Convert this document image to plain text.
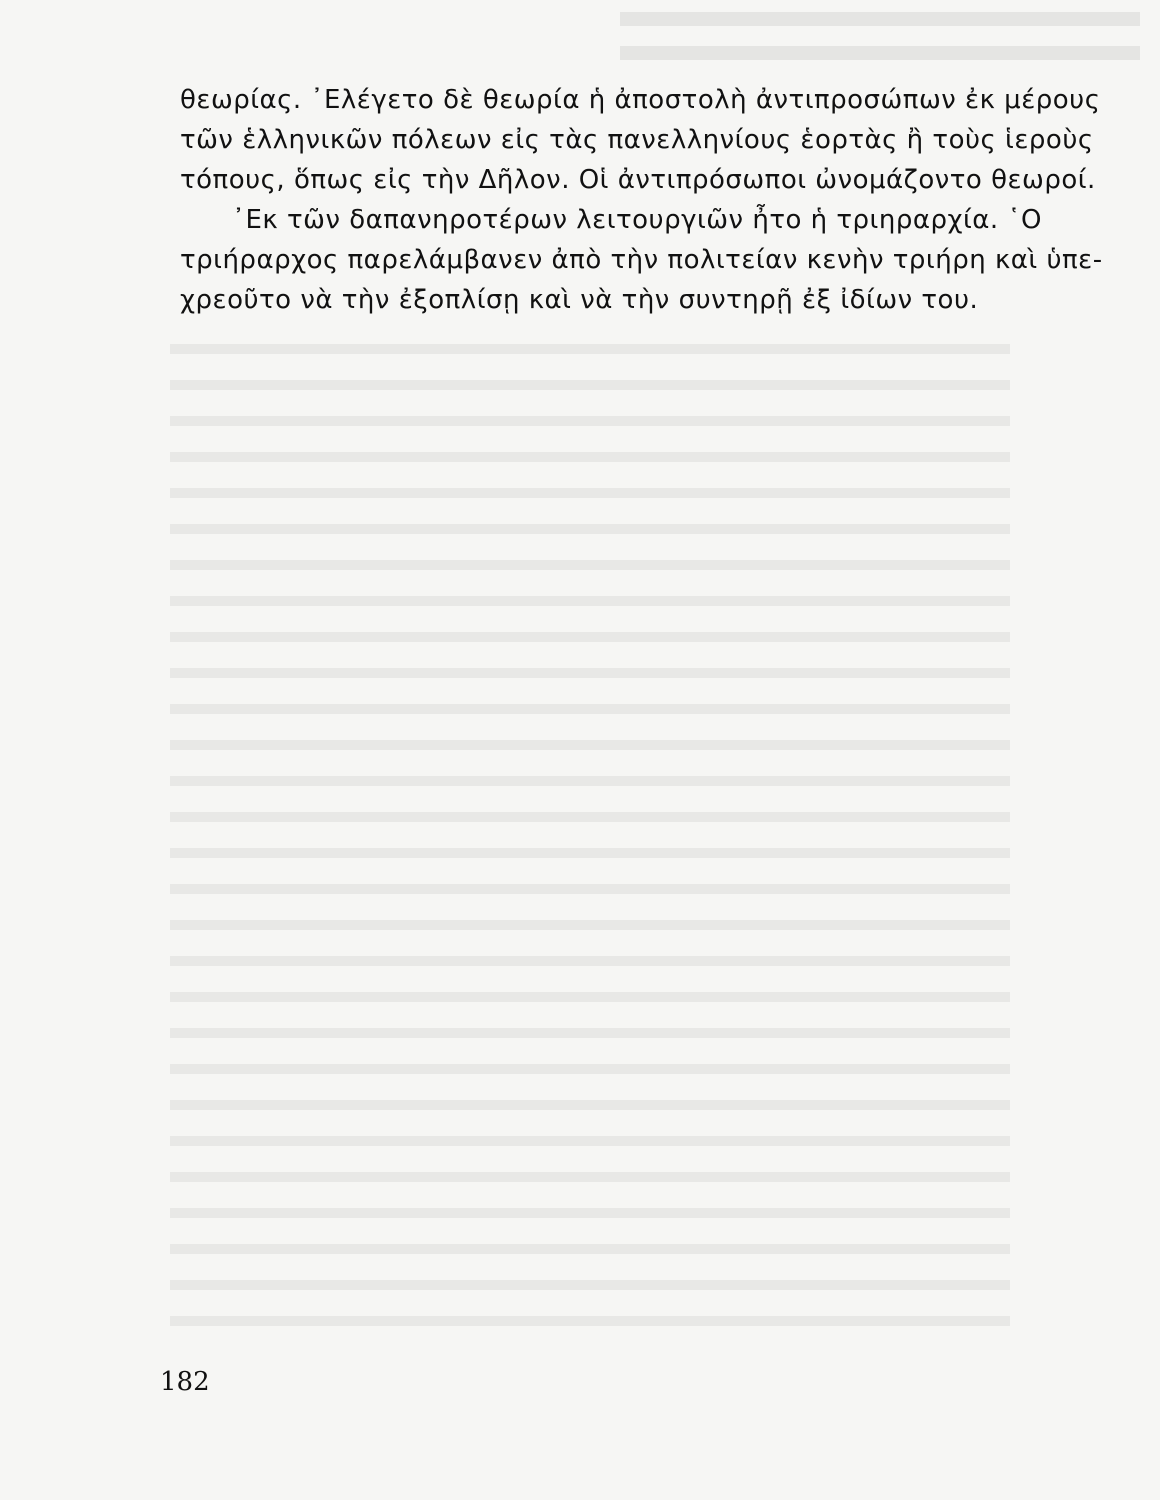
θεωρίας. ᾿Ελέγετο δὲ θεωρία ἡ ἀποστολὴ ἀντιπροσώπων ἐκ μέρους
τῶν ἑλληνικῶν πόλεων εἰς τὰς πανελληνίους ἑορτὰς ἢ τοὺς ἱεροὺς
τόπους, ὅπως εἰς τὴν Δῆλον. Οἱ ἀντιπρόσωποι ὠνομάζοντο θεωροί.
᾿Εκ τῶν δαπανηροτέρων λειτουργιῶν ἦτο ἡ τριηραρχία. ῾Ο
τριήραρχος παρελάμβανεν ἀπὸ τὴν πολιτείαν κενὴν τριήρη καὶ ὑπε-
χρεοῦτο νὰ τὴν ἐξοπλίσῃ καὶ νὰ τὴν συντηρῇ ἐξ ἰδίων του.
182
